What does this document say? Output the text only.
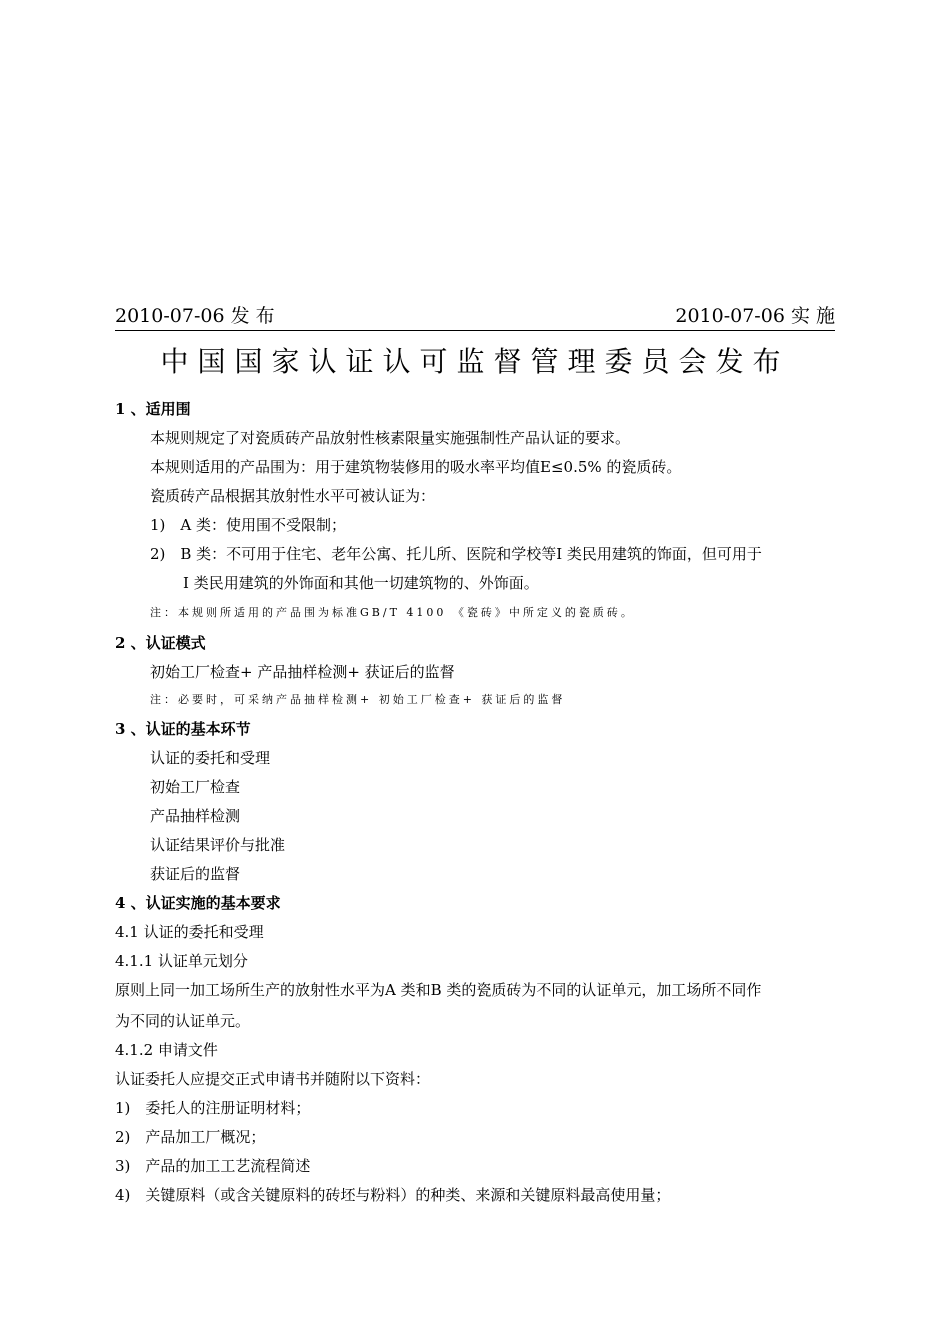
2010-07-06 发 布	2010-07-06 实 施
中国国家认证认可监督管理委员会发布
1 、适用围
本规则规定了对瓷质砖产品放射性核素限量实施强制性产品认证的要求。
本规则适用的产品围为：用于建筑物装修用的吸水率平均值E≤0.5% 的瓷质砖。
瓷质砖产品根据其放射性水平可被认证为：
1)　A 类：使用围不受限制；
2)　B 类：不可用于住宅、老年公寓、托儿所、医院和学校等I 类民用建筑的饰面，但可用于
I 类民用建筑的外饰面和其他一切建筑物的、外饰面。
注：本规则所适用的产品围为标准GB/T 4100 《瓷砖》中所定义的瓷质砖。
2 、认证模式
初始工厂检查+ 产品抽样检测+ 获证后的监督
注：必要时，可采纳产品抽样检测+ 初始工厂检查+ 获证后的监督
3 、认证的基本环节
认证的委托和受理
初始工厂检查
产品抽样检测
认证结果评价与批准
获证后的监督
4 、认证实施的基本要求
4.1 认证的委托和受理
4.1.1 认证单元划分
原则上同一加工场所生产的放射性水平为A 类和B 类的瓷质砖为不同的认证单元，加工场所不同作
为不同的认证单元。
4.1.2 申请文件
认证委托人应提交正式申请书并随附以下资料：
1)　委托人的注册证明材料；
2)　产品加工厂概况；
3)　产品的加工工艺流程简述
4)　关键原料（或含关键原料的砖坯与粉料）的种类、来源和关键原料最高使用量；
